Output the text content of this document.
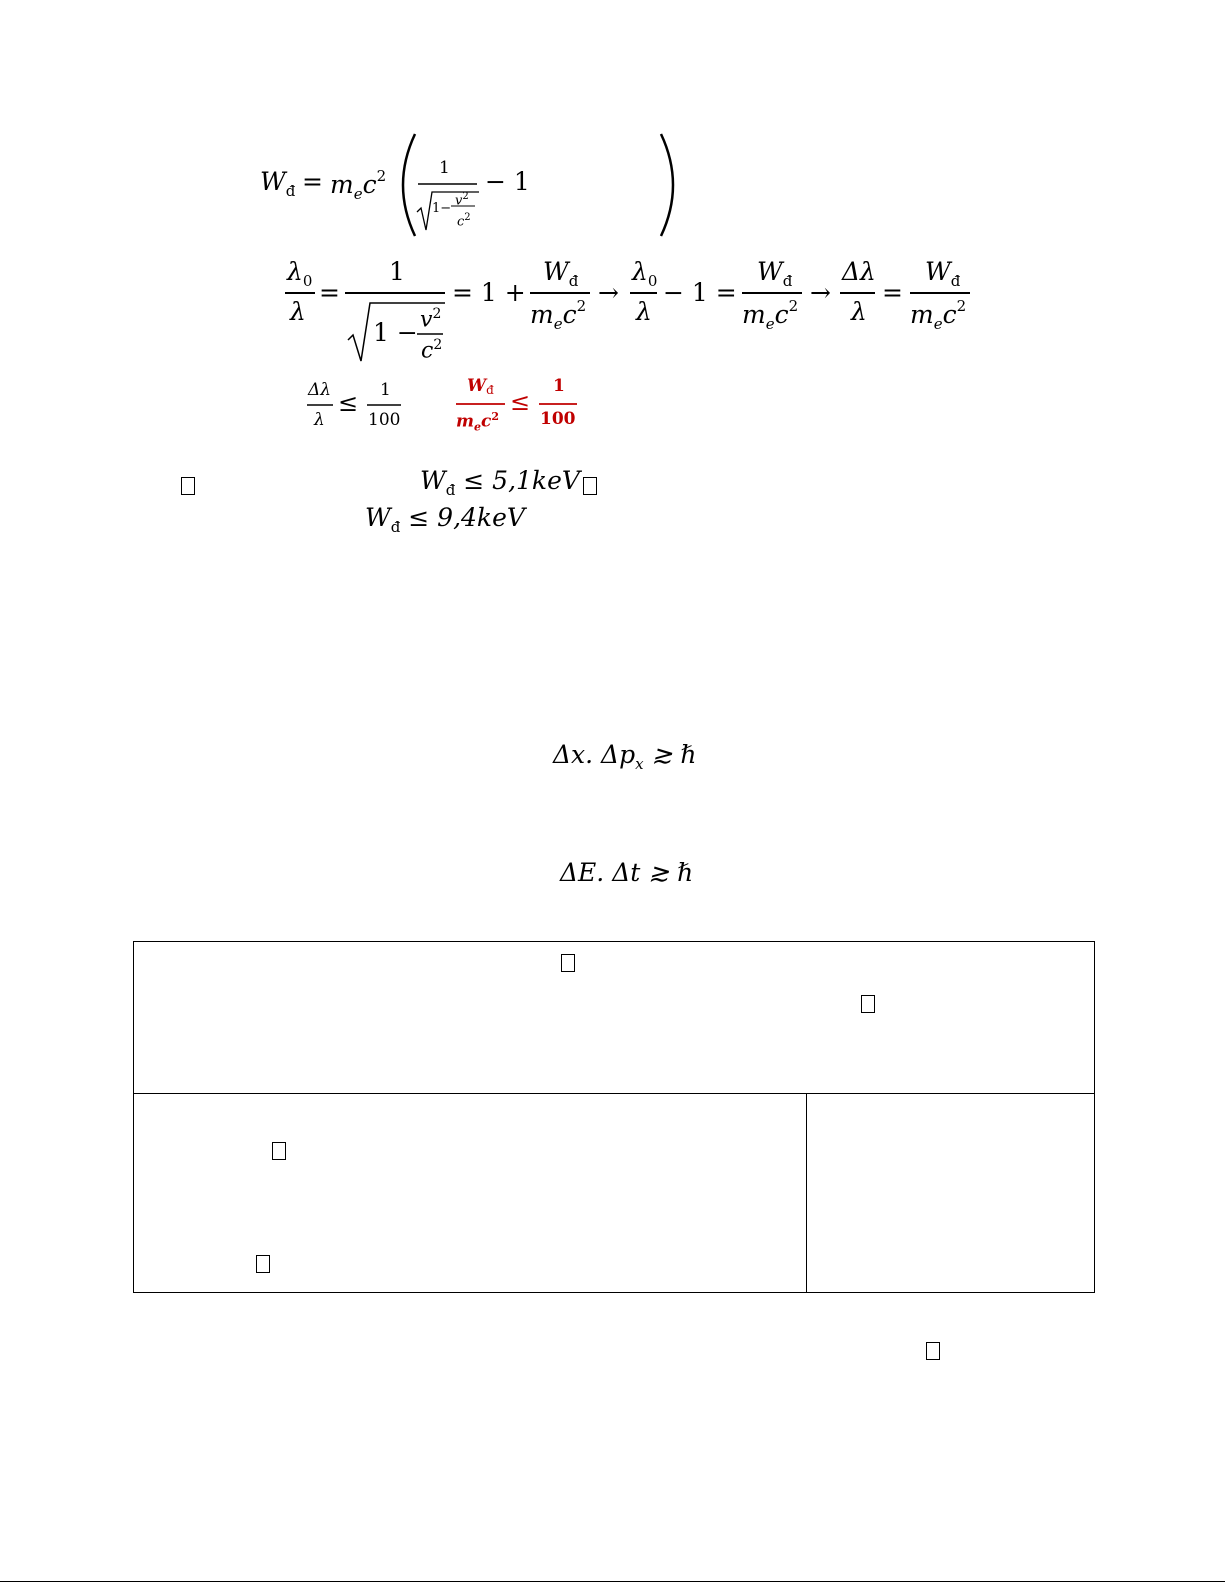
$W_đ = m_ec^2$	1
1−
$v^2$
$c^2$
− 1
$\lambda_0$
λ
=
1
$1 - v^2$
$c^2$
= 1 +
$W_đ$
$m_ec^2$ →
$\lambda_0$
λ
− 1 =
$W_đ$
$m_ec^2$ →
Δλ
λ
=
$W_đ$
$m_ec^2$
Δλ
λ
≤ 1
100
Wđ
$m_ec^2$
≤
1
100
$W_đ \le 5,1keV$
$W_đ \le 9,4keV$
Δx. $\Delta p_x$ ≳ ℏ
ΔE. Δt ≳ ℏ
